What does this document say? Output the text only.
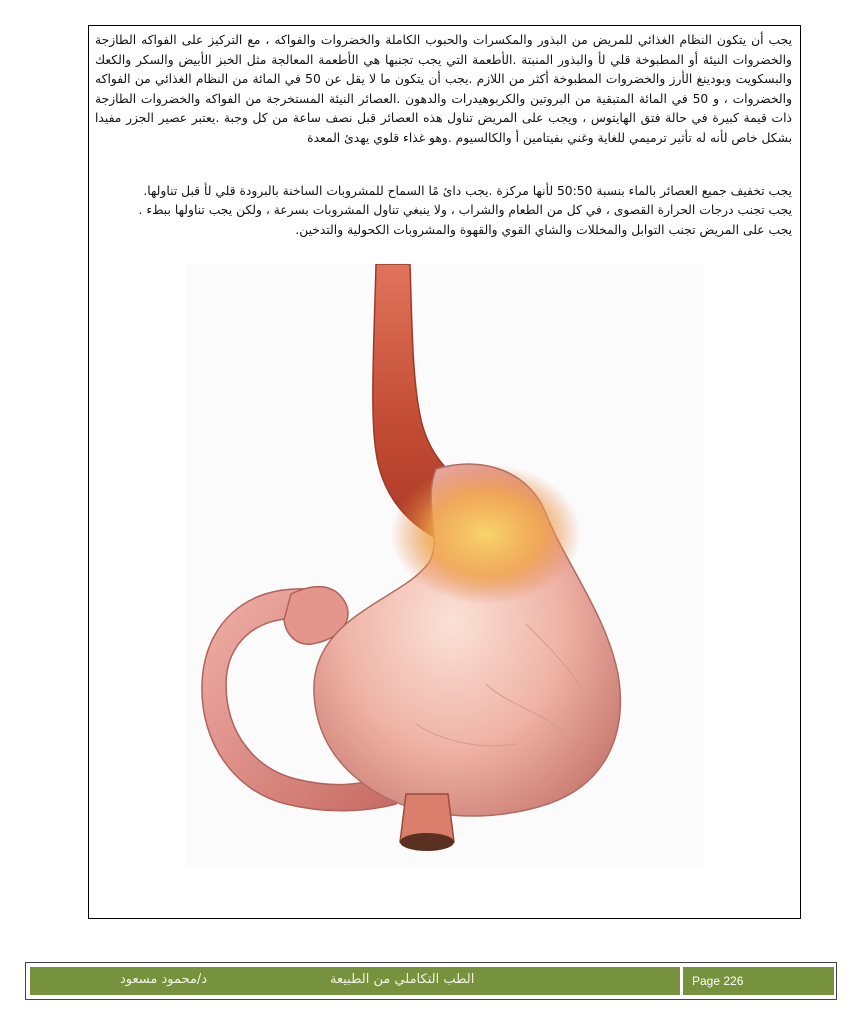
يجب أن يتكون النظام الغذائي للمريض من البذور والمكسرات والحبوب الكاملة والخضروات والفواكه ، مع التركيز على الفواكه الطازجة والخضروات النيئة أو المطبوخة قلي لأ والبذور المنبتة .الأطعمة التي يجب تجنبها هي الأطعمة المعالجة مثل الخبز الأبيض والسكر والكعك والبسكويت وبودينغ الأرز والخضروات المطبوخة أكثر من اللازم .يجب أن يتكون ما لا يقل عن 50 في المائة من النظام الغذائي من الفواكه والخضروات ، و 50 في المائة المتبقية من البروتين والكربوهيدرات والدهون .العصائر النيئة المستخرجة من الفواكه والخضروات الطازجة ذات قيمة كبيرة في حالة فتق الهايتوس ، ويجب على المريض تناول هذه العصائر قبل نصف ساعة من كل وجبة .يعتبر عصير الجزر مفيدا بشكل خاص لأنه له تأثير ترميمي للغاية وغني بفيتامين أ والكالسيوم .وهو غذاء قلوي يهدئ المعدة

يجب تخفيف جميع العصائر بالماء بنسبة 50:50 لأنها مركزة .يجب دائ مًا السماح للمشروبات الساخنة بالبرودة قلي لأ قبل تناولها.

يجب تجنب درجات الحرارة القصوى ، في كل من الطعام والشراب ، ولا ينبغي تناول المشروبات بسرعة ، ولكن يجب تناولها ببطء .

يجب على المريض تجنب التوابل والمخللات والشاي القوي والقهوة والمشروبات الكحولية والتدخين.

الطب التكاملي من الطبيعة
د/محمود مسعود	Page 226
